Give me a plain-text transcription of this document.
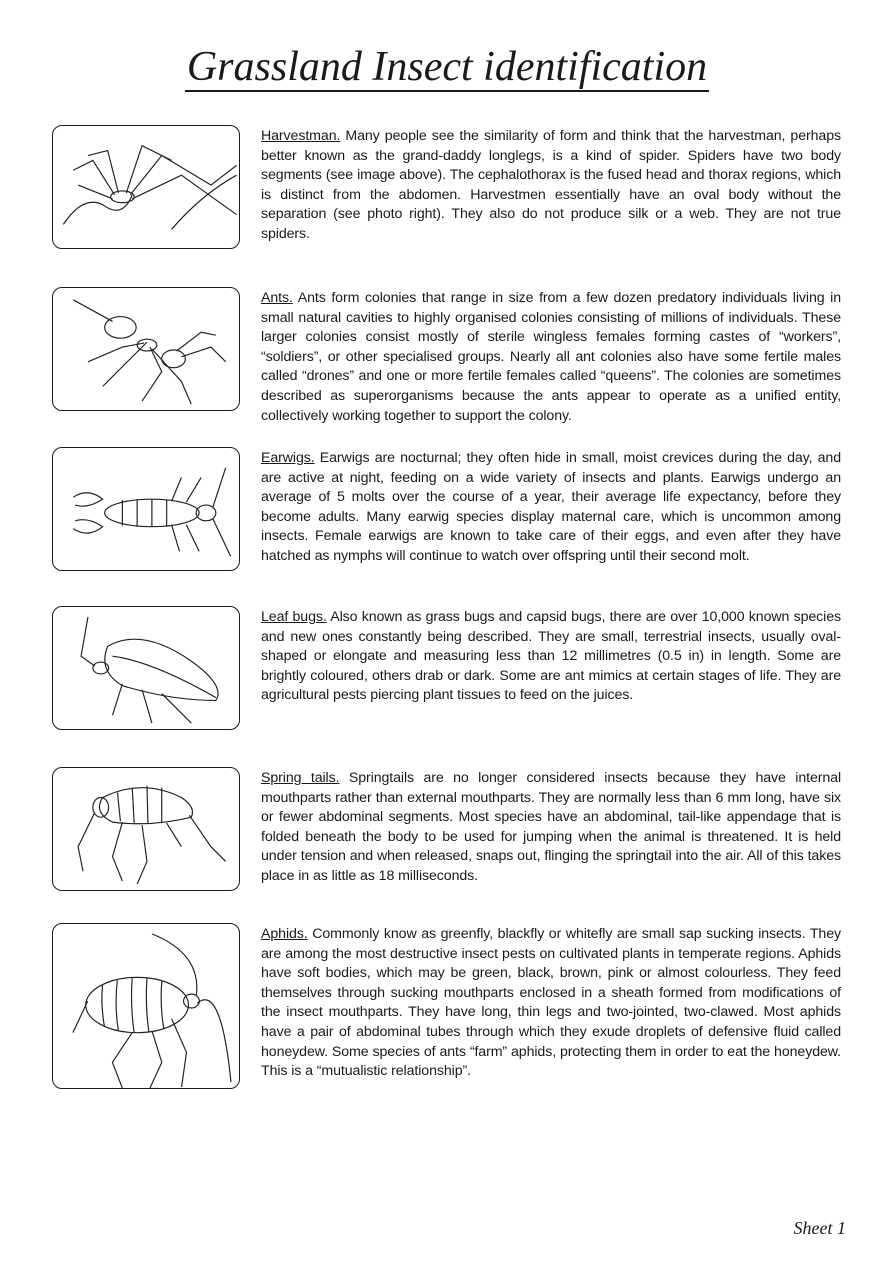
Grassland Insect identification
Harvestman. Many people see the similarity of form and think that the harvestman, perhaps better known as the grand-daddy longlegs, is a kind of spider. Spiders have two body segments (see image above). The cephalothorax is the fused head and thorax regions, which is distinct from the abdomen. Harvestmen essentially have an oval body without the separation (see photo right). They also do not produce silk or a web. They are not true spiders.
Ants. Ants form colonies that range in size from a few dozen predatory individuals living in small natural cavities to highly organised colonies consisting of millions of individuals. These larger colonies consist mostly of sterile wingless females forming castes of “workers”, “soldiers”, or other specialised groups. Nearly all ant colonies also have some fertile males called “drones” and one or more fertile females called “queens”. The colonies are sometimes described as superorganisms because the ants appear to operate as a unified entity, collectively working together to support the colony.
Earwigs. Earwigs are nocturnal; they often hide in small, moist crevices during the day, and are active at night, feeding on a wide variety of insects and plants. Earwigs undergo an average of 5 molts over the course of a year, their average life expectancy, before they become adults. Many earwig species display maternal care, which is uncommon among insects. Female earwigs are known to take care of their eggs, and even after they have hatched as nymphs will continue to watch over offspring until their second molt.
Leaf bugs. Also known as grass bugs and capsid bugs, there are over 10,000 known species and new ones constantly being described. They are small, terrestrial insects, usually oval-shaped or elongate and measuring less than 12 millimetres (0.5 in) in length. Some are brightly coloured, others drab or dark. Some are ant mimics at certain stages of life. They are agricultural pests piercing plant tissues to feed on the juices.
Spring tails. Springtails are no longer considered insects because they have internal mouthparts rather than external mouthparts. They are normally less than 6 mm long, have six or fewer abdominal segments. Most species have an abdominal, tail-like appendage that is folded beneath the body to be used for jumping when the animal is threatened. It is held under tension and when released, snaps out, flinging the springtail into the air. All of this takes place in as little as 18 milliseconds.
Aphids. Commonly know as greenfly, blackfly or whitefly are small sap sucking insects. They are among the most destructive insect pests on cultivated plants in temperate regions. Aphids have soft bodies, which may be green, black, brown, pink or almost colourless. They feed themselves through sucking mouthparts enclosed in a sheath formed from modifications of the insect mouthparts. They have long, thin legs and two-jointed, two-clawed. Most aphids have a pair of abdominal tubes through which they exude droplets of defensive fluid called honeydew. Some species of ants “farm” aphids, protecting them in order to eat the honeydew. This is a “mutualistic relationship”.
Sheet 1
